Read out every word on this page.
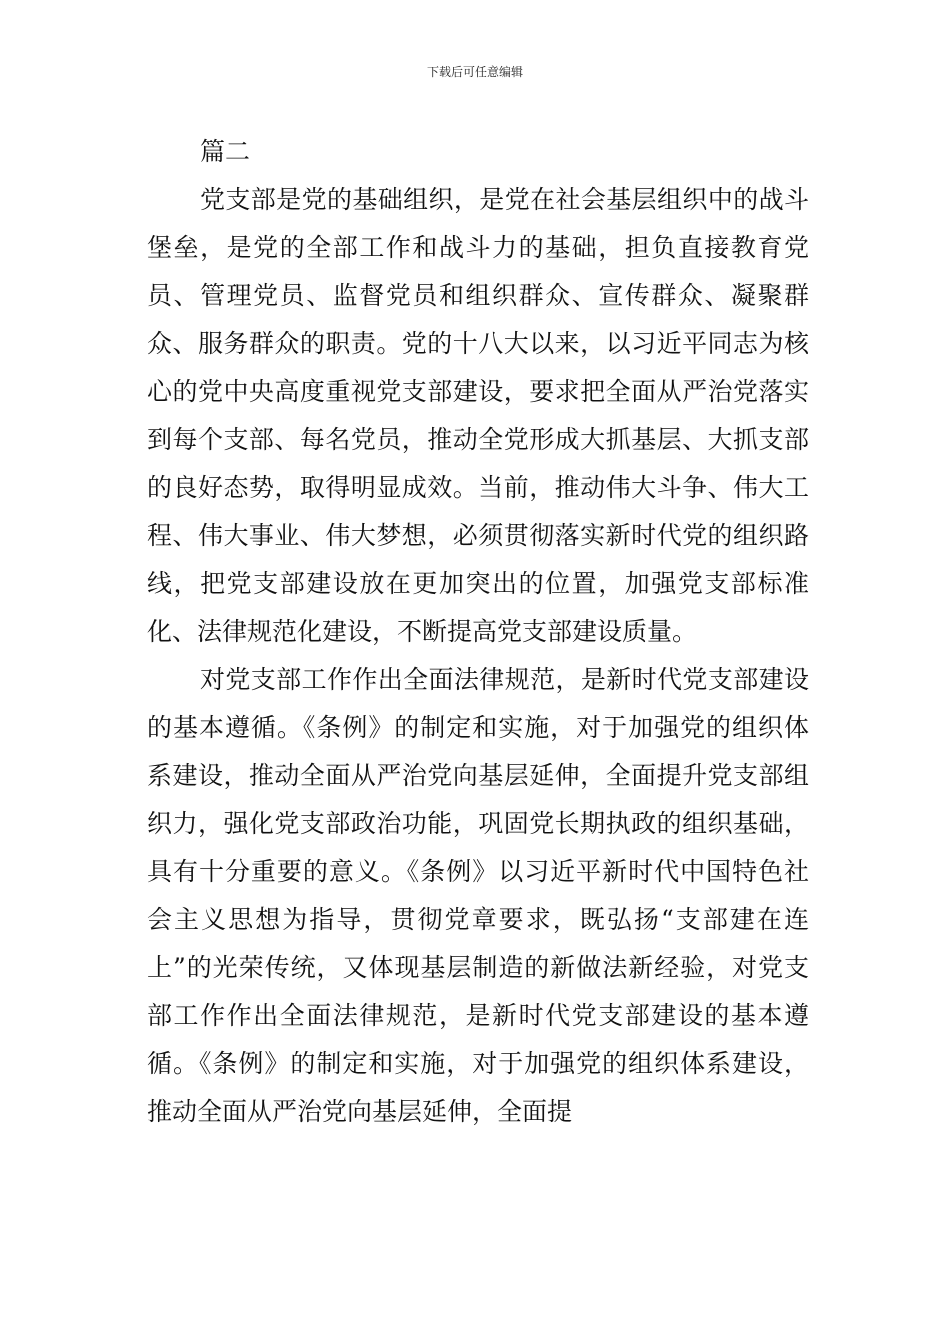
下载后可任意编辑

篇二

党支部是党的基础组织，是党在社会基层组织中的战斗堡垒，是党的全部工作和战斗力的基础，担负直接教育党员、管理党员、监督党员和组织群众、宣传群众、凝聚群众、服务群众的职责。党的十八大以来，以习近平同志为核心的党中央高度重视党支部建设，要求把全面从严治党落实到每个支部、每名党员，推动全党形成大抓基层、大抓支部的良好态势，取得明显成效。当前，推动伟大斗争、伟大工程、伟大事业、伟大梦想，必须贯彻落实新时代党的组织路线，把党支部建设放在更加突出的位置，加强党支部标准化、法律规范化建设，不断提高党支部建设质量。

对党支部工作作出全面法律规范，是新时代党支部建设的基本遵循。《条例》的制定和实施，对于加强党的组织体系建设，推动全面从严治党向基层延伸，全面提升党支部组织力，强化党支部政治功能，巩固党长期执政的组织基础，具有十分重要的意义。《条例》以习近平新时代中国特色社会主义思想为指导，贯彻党章要求，既弘扬“支部建在连上”的光荣传统，又体现基层制造的新做法新经验，对党支部工作作出全面法律规范，是新时代党支部建设的基本遵循。《条例》的制定和实施，对于加强党的组织体系建设，推动全面从严治党向基层延伸，全面提
